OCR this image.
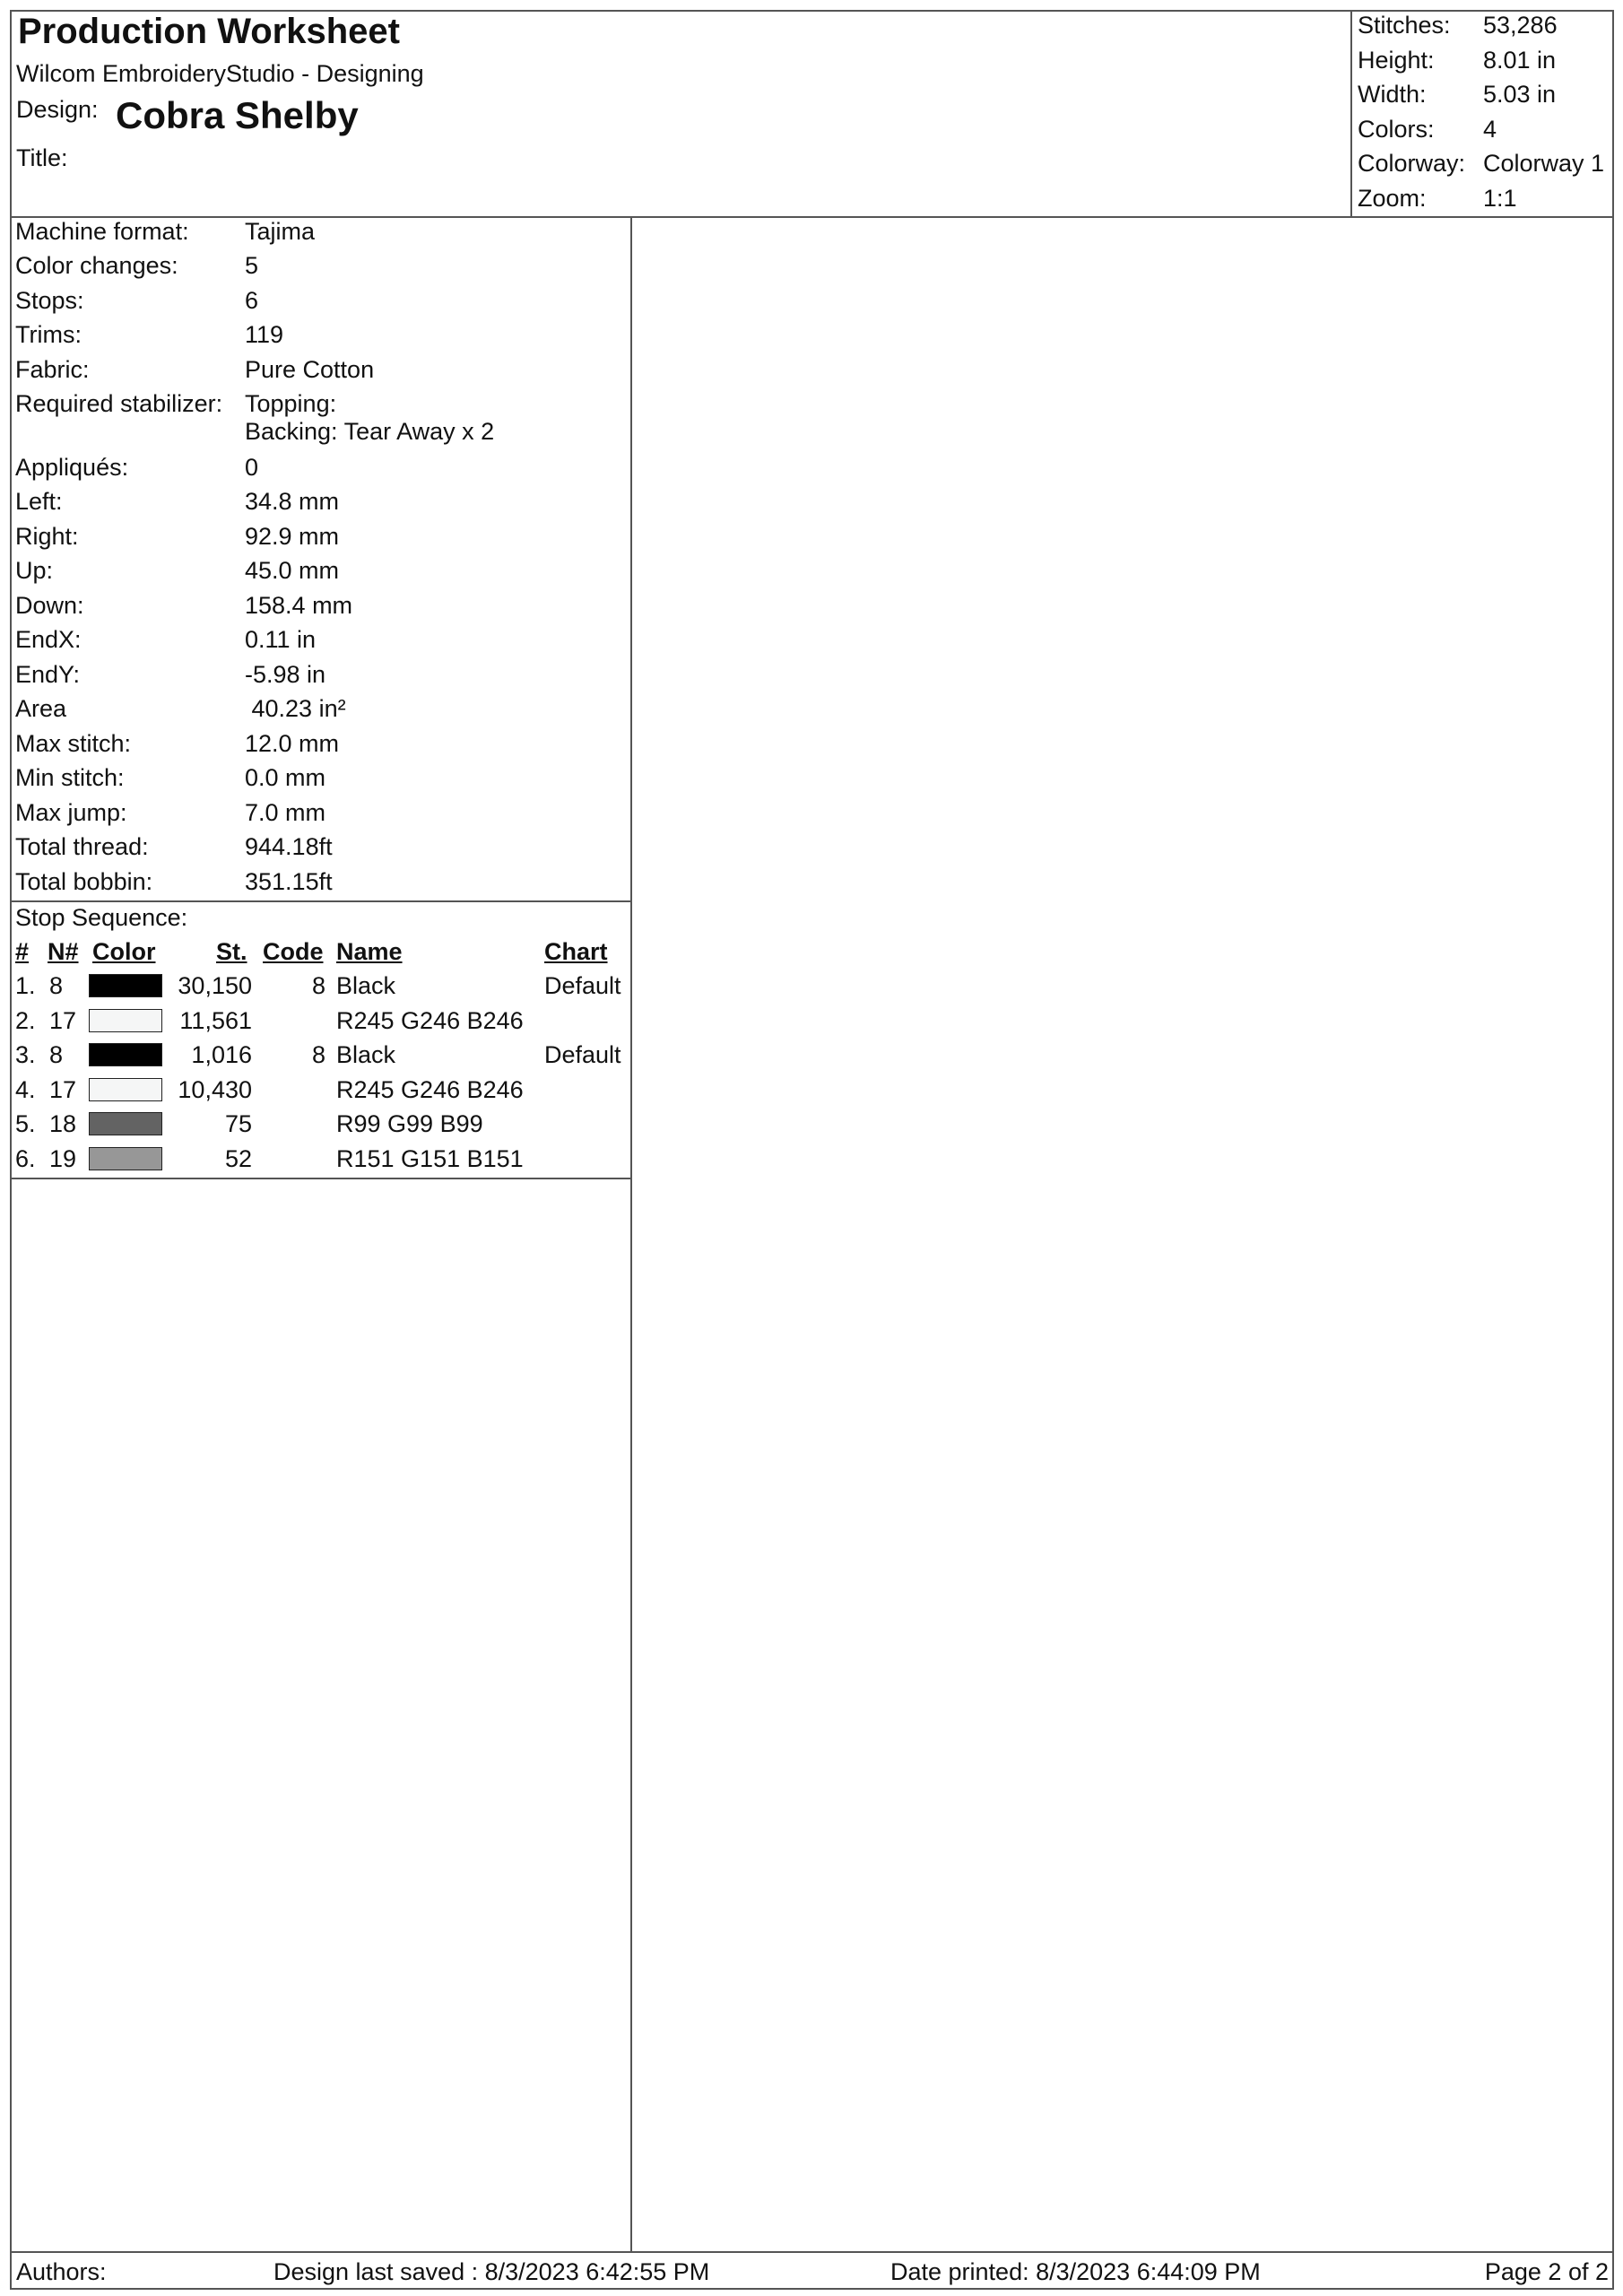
Production Worksheet
Wilcom EmbroideryStudio - Designing
Design: Cobra Shelby
Title:
Stitches: 53,286
Height: 8.01 in
Width: 5.03 in
Colors: 4
Colorway: Colorway 1
Zoom: 1:1
Machine format: Tajima
Color changes:	5
Stops:	6
Trims:	119
Fabric:	Pure Cotton
Required stabilizer: Topping:
Backing: Tear Away x 2
Appliqués:	0
Left:	34.8 mm
Right:	92.9 mm
Up:	45.0 mm
Down:	158.4 mm
EndX:	0.11 in
EndY:	-5.98 in
Area	40.23 in²
Max stitch:	12.0 mm
Min stitch:	0.0 mm
Max jump:	7.0 mm
Total thread:	944.18ft
Total bobbin:	351.15ft
Stop Sequence:
# N# Color	St. Code Name	Chart
1. 8	30,150	8 Black	Default
2. 17	11,561	R245 G246 B246
3. 8	1,016	8 Black	Default
4. 17	10,430	R245 G246 B246
5. 18	75	R99 G99 B99
6. 19	52	R151 G151 B151
Authors:	Design last saved : 8/3/2023 6:42:55 PM	Date printed: 8/3/2023 6:44:09 PM	Page 2 of 2
